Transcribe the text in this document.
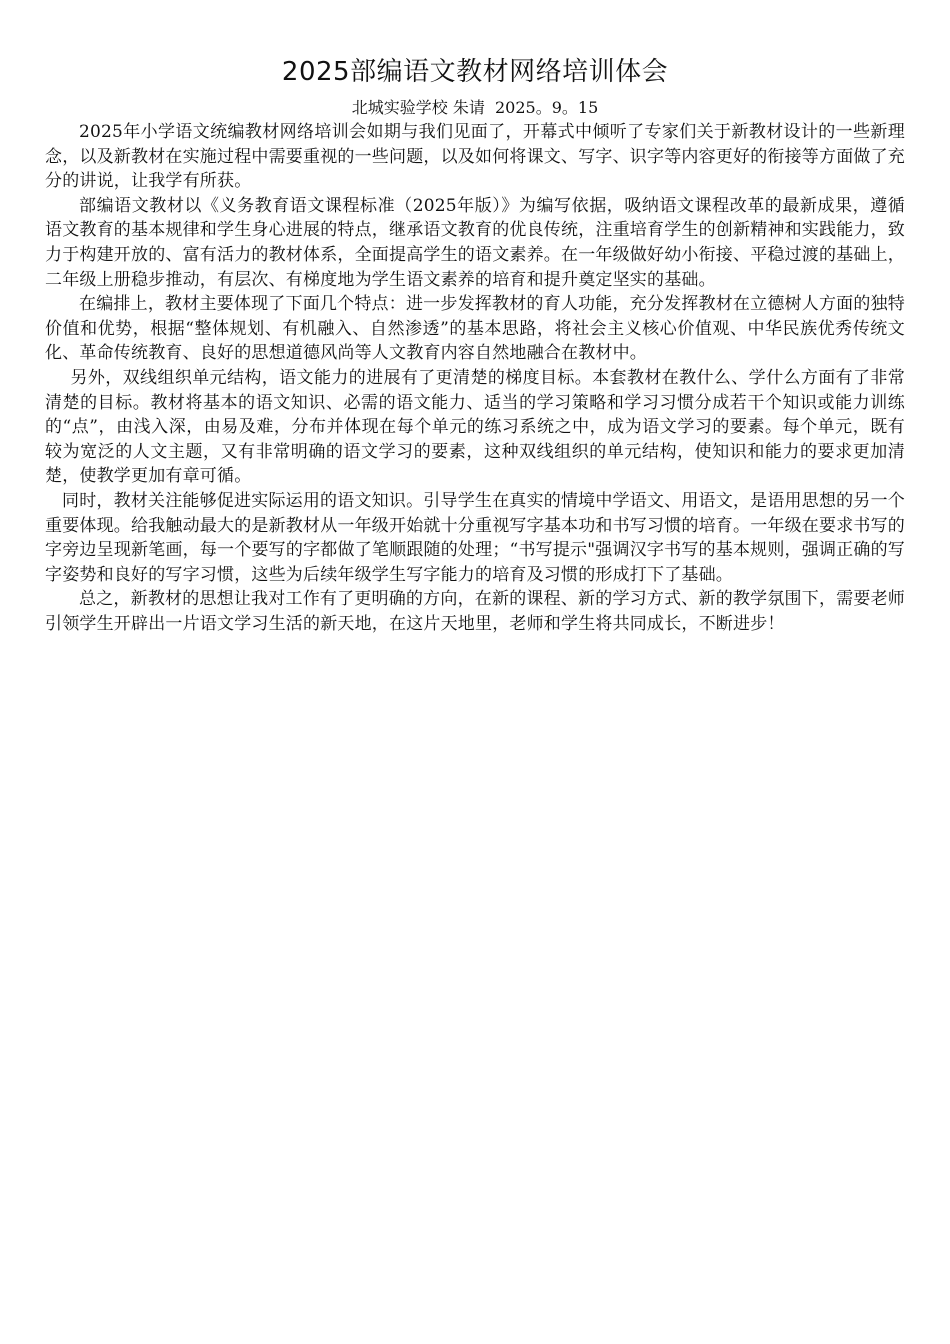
2025部编语文教材网络培训体会

北城实验学校 朱请  2025。9。15

2025年小学语文统编教材网络培训会如期与我们见面了，开幕式中倾听了专家们关于新教材设计的一些新理念，以及新教材在实施过程中需要重视的一些问题，以及如何将课文、写字、识字等内容更好的衔接等方面做了充分的讲说，让我学有所获。

部编语文教材以《义务教育语文课程标准（2025年版）》为编写依据，吸纳语文课程改革的最新成果，遵循语文教育的基本规律和学生身心进展的特点，继承语文教育的优良传统，注重培育学生的创新精神和实践能力，致力于构建开放的、富有活力的教材体系，全面提高学生的语文素养。在一年级做好幼小衔接、平稳过渡的基础上，二年级上册稳步推动，有层次、有梯度地为学生语文素养的培育和提升奠定坚实的基础。

在编排上，教材主要体现了下面几个特点：进一步发挥教材的育人功能，充分发挥教材在立德树人方面的独特价值和优势，根据“整体规划、有机融入、自然渗透”的基本思路，将社会主义核心价值观、中华民族优秀传统文化、革命传统教育、良好的思想道德风尚等人文教育内容自然地融合在教材中。

另外，双线组织单元结构，语文能力的进展有了更清楚的梯度目标。本套教材在教什么、学什么方面有了非常清楚的目标。教材将基本的语文知识、必需的语文能力、适当的学习策略和学习习惯分成若干个知识或能力训练的“点”，由浅入深，由易及难，分布并体现在每个单元的练习系统之中，成为语文学习的要素。每个单元，既有较为宽泛的人文主题，又有非常明确的语文学习的要素，这种双线组织的单元结构，使知识和能力的要求更加清楚，使教学更加有章可循。

同时，教材关注能够促进实际运用的语文知识。引导学生在真实的情境中学语文、用语文，是语用思想的另一个重要体现。给我触动最大的是新教材从一年级开始就十分重视写字基本功和书写习惯的培育。一年级在要求书写的字旁边呈现新笔画，每一个要写的字都做了笔顺跟随的处理；“书写提示"强调汉字书写的基本规则，强调正确的写字姿势和良好的写字习惯，这些为后续年级学生写字能力的培育及习惯的形成打下了基础。

总之，新教材的思想让我对工作有了更明确的方向，在新的课程、新的学习方式、新的教学氛围下，需要老师引领学生开辟出一片语文学习生活的新天地，在这片天地里，老师和学生将共同成长，不断进步！
